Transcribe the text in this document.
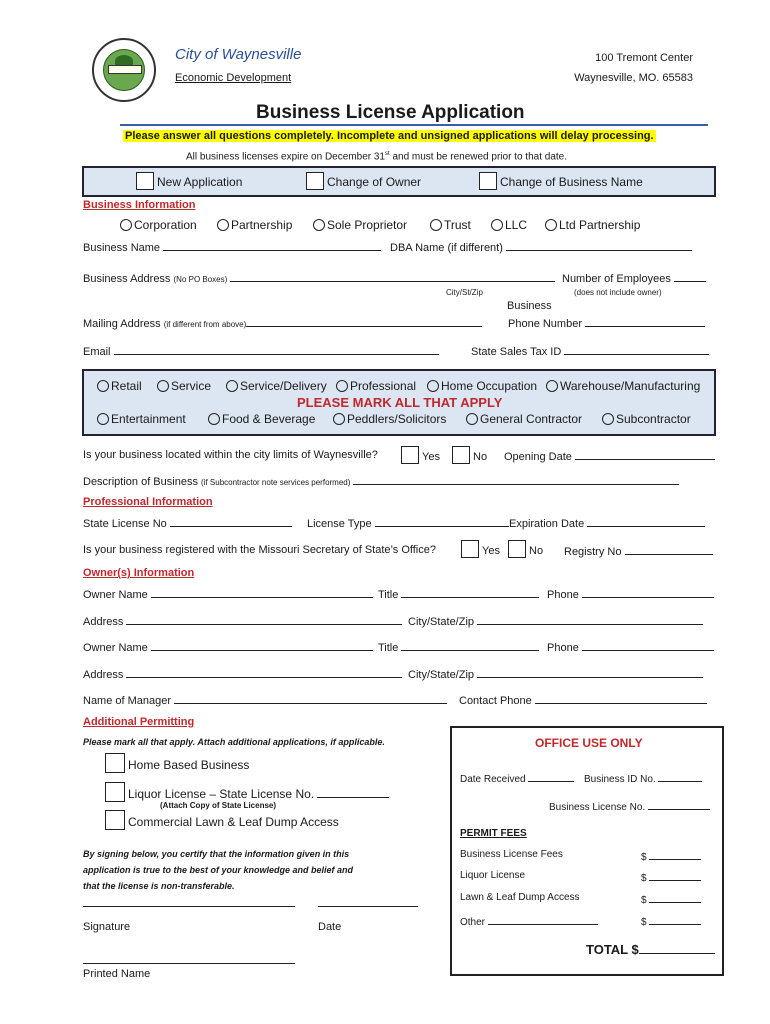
City of Waynesville
Economic Development
100 Tremont Center
Waynesville, MO. 65583
Business License Application
Please answer all questions completely. Incomplete and unsigned applications will delay processing.
All business licenses expire on December 31st and must be renewed prior to that date.
New Application	Change of Owner	Change of Business Name
Business Information
Corporation	Partnership	Sole Proprietor	Trust	LLC	Ltd Partnership
Business Name	DBA Name (if different)
Business Address (No PO Boxes)	Number of Employees
City/St/Zip	(does not include owner)
Business
Mailing Address (if different from above)	Phone Number
Email	State Sales Tax ID
Retail	Service	Service/Delivery	Professional	Home Occupation	Warehouse/Manufacturing
PLEASE MARK ALL THAT APPLY
Entertainment	Food & Beverage	Peddlers/Solicitors	General Contractor	Subcontractor
Is your business located within the city limits of Waynesville?	Yes	No Opening Date
Description of Business (if Subcontractor note services performed)
Professional Information
State License No	License Type	Expiration Date
Is your business registered with the Missouri Secretary of State’s Office?	Yes	No Registry No
Owner(s) Information
Owner Name	Title	Phone
Address	City/State/Zip
Owner Name	Title	Phone
Address	City/State/Zip
Name of Manager	Contact Phone
Additional Permitting
Please mark all that apply. Attach additional applications, if applicable.
Home Based Business
Liquor License – State License No.
(Attach Copy of State License)
Commercial Lawn & Leaf Dump Access
By signing below, you certify that the information given in this
application is true to the best of your knowledge and belief and
that the license is non-transferable.
Signature	Date
Printed Name
OFFICE USE ONLY
Date Received	Business ID No.
Business License No.
PERMIT FEES
Business License Fees	$
Liquor License	$
Lawn & Leaf Dump Access	$
Other	$
TOTAL $
